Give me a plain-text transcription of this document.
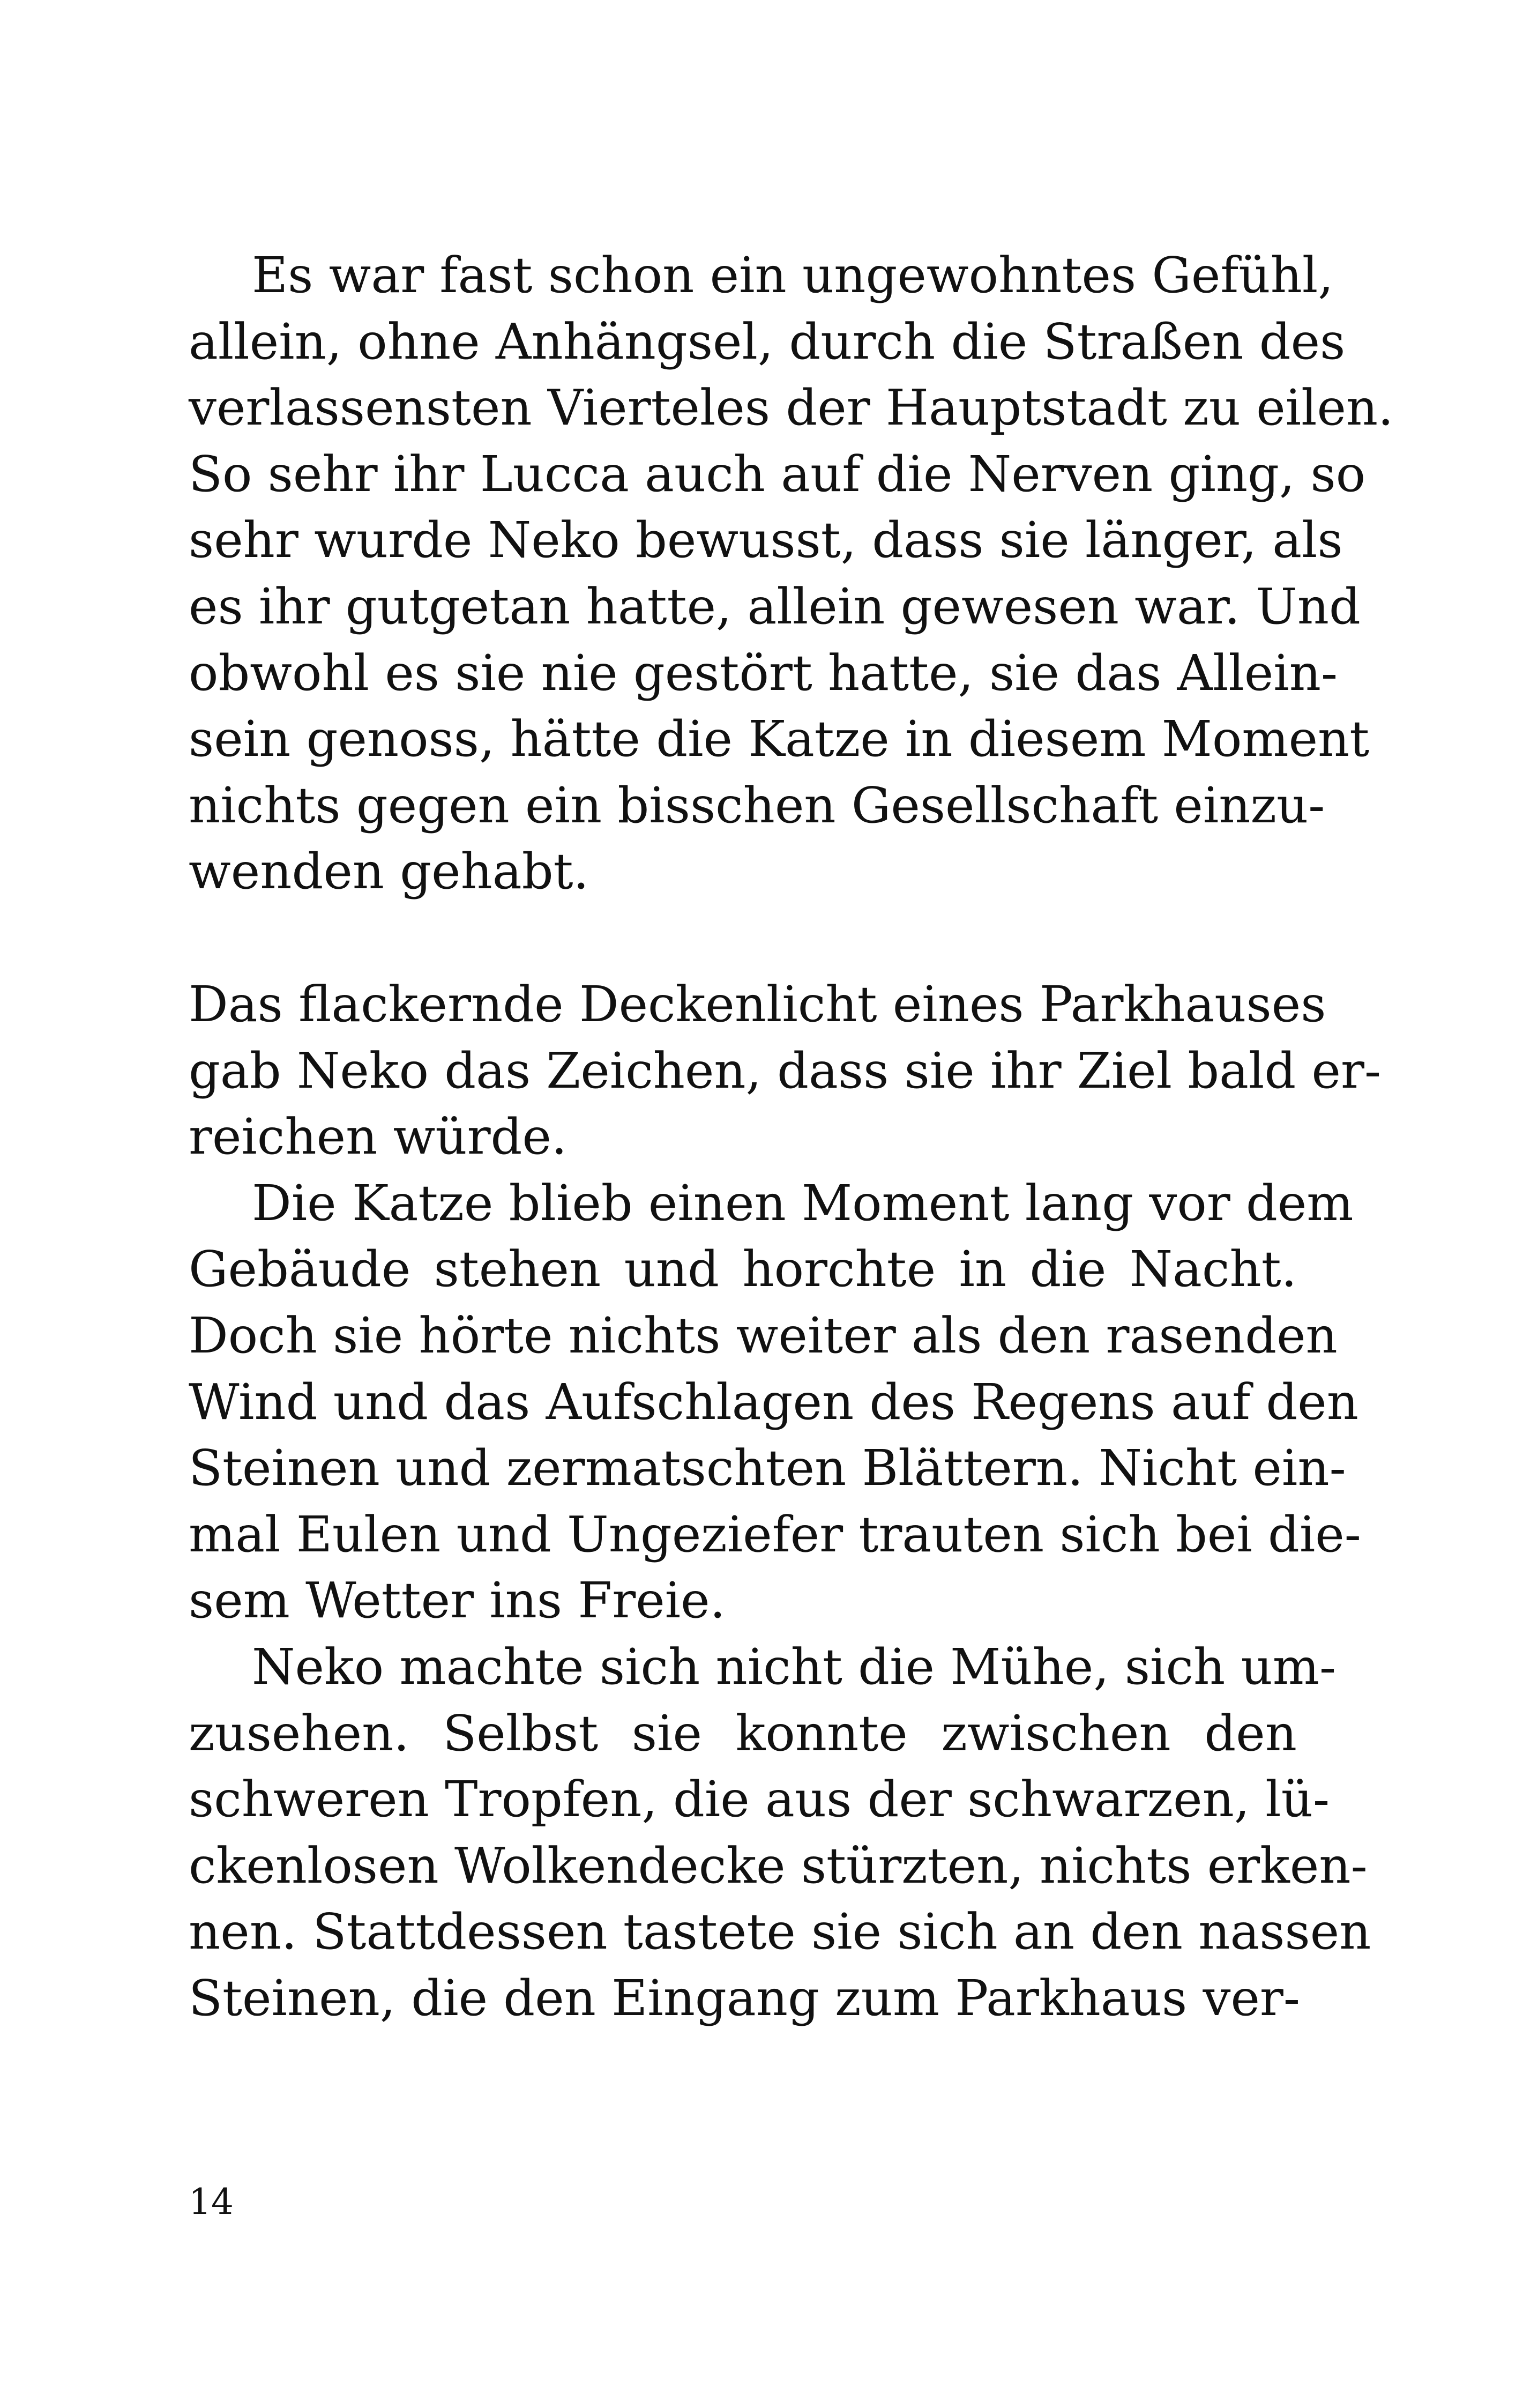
Es war fast schon ein ungewohntes Gefühl,
allein, ohne Anhängsel, durch die Straßen des
verlassensten Vierteles der Hauptstadt zu eilen.
So sehr ihr Lucca auch auf die Nerven ging, so
sehr wurde Neko bewusst, dass sie länger, als
es ihr gutgetan hatte, allein gewesen war. Und
obwohl es sie nie gestört hatte, sie das Allein-
sein genoss, hätte die Katze in diesem Moment
nichts gegen ein bisschen Gesellschaft einzu-
wenden gehabt.

Das flackernde Deckenlicht eines Parkhauses
gab Neko das Zeichen, dass sie ihr Ziel bald er-
reichen würde.

Die Katze blieb einen Moment lang vor dem
Gebäude stehen und horchte in die Nacht.
Doch sie hörte nichts weiter als den rasenden
Wind und das Aufschlagen des Regens auf den
Steinen und zermatschten Blättern. Nicht ein-
mal Eulen und Ungeziefer trauten sich bei die-
sem Wetter ins Freie.

Neko machte sich nicht die Mühe, sich um-
zusehen. Selbst sie konnte zwischen den
schweren Tropfen, die aus der schwarzen, lü-
ckenlosen Wolkendecke stürzten, nichts erken-
nen. Stattdessen tastete sie sich an den nassen
Steinen, die den Eingang zum Parkhaus ver-

14
